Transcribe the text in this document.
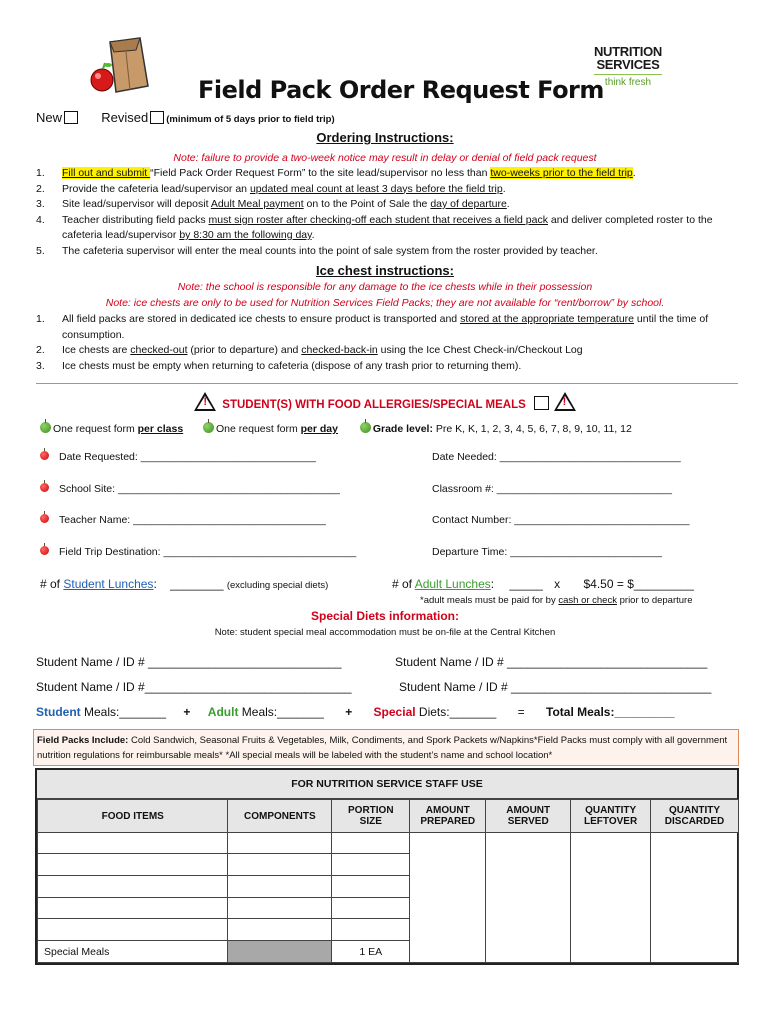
NUTRITION
SERVICES
think fresh
Field Pack Order Request Form
New	Revised (minimum of 5 days prior to field trip)
Ordering Instructions:
Note: failure to provide a two-week notice may result in delay or denial of field pack request
1. Fill out and submit “Field Pack Order Request Form” to the site lead/supervisor no less than two-weeks prior to the field trip.
2. Provide the cafeteria lead/supervisor an updated meal count at least 3 days before the field trip.
3. Site lead/supervisor will deposit Adult Meal payment on to the Point of Sale the day of departure.
4. Teacher distributing field packs must sign roster after checking-off each student that receives a field pack and deliver completed roster to the cafeteria lead/supervisor by 8:30 am the following day.
5. The cafeteria supervisor will enter the meal counts into the point of sale system from the roster provided by teacher.
Ice chest instructions:
Note: the school is responsible for any damage to the ice chests while in their possession
Note: ice chests are only to be used for Nutrition Services Field Packs; they are not available for “rent/borrow” by school.
1. All field packs are stored in dedicated ice chests to ensure product is transported and stored at the appropriate temperature until the time of consumption.
2. Ice chests are checked-out (prior to departure) and checked-back-in using the Ice Chest Check-in/Checkout Log
3. Ice chests must be empty when returning to cafeteria (dispose of any trash prior to returning them).
! STUDENT(S) WITH FOOD ALLERGIES/SPECIAL MEALS  !
One request form per class	One request form per day	Grade level: Pre K, K, 1, 2, 3, 4, 5, 6, 7, 8, 9, 10, 11, 12
Date Requested: ______________________________	Date Needed: _______________________________
School Site: ______________________________________	Classroom #: ______________________________
Teacher Name: _________________________________	Contact Number: ______________________________
Field Trip Destination: _________________________________	Departure Time: __________________________
# of Student Lunches: ________ (excluding special diets)	# of Adult Lunches: _____ x $4.50 = $_________
*adult meals must be paid for by cash or check prior to departure
Special Diets information:
Note: student special meal accommodation must be on-file at the Central Kitchen
Student Name / ID # _____________________________	Student Name / ID # ______________________________
Student Name / ID #_______________________________	Student Name / ID # ______________________________
Student Meals:_______ + Adult Meals:_______ + Special Diets:_______ = Total Meals:_________
Field Packs Include: Cold Sandwich, Seasonal Fruits & Vegetables, Milk, Condiments, and Spork Packets w/Napkins*Field Packs must comply with all government nutrition regulations for reimbursable meals* *All special meals will be labeled with the student’s name and school location*
FOR NUTRITION SERVICE STAFF USE
FOOD ITEMS	COMPONENTS	PORTION SIZE	AMOUNT PREPARED	AMOUNT SERVED	QUANTITY LEFTOVER	QUANTITY DISCARDED

Special Meals		1 EA				
